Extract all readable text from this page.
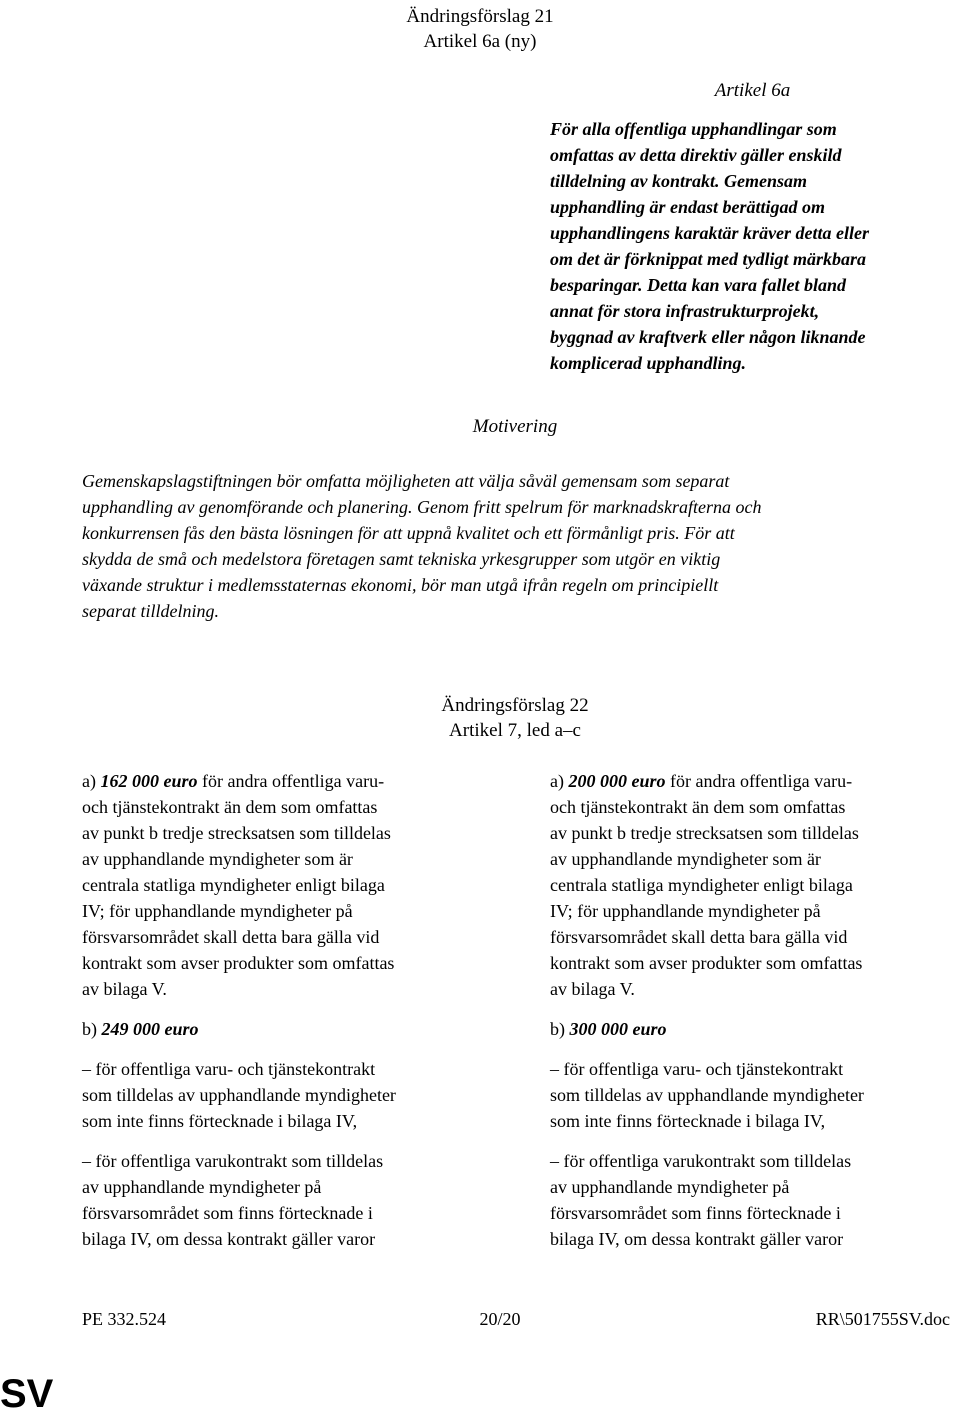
Ändringsförslag 21
Artikel 6a (ny)
Artikel 6a

För alla offentliga upphandlingar som

omfattas av detta direktiv gäller enskild

tilldelning av kontrakt. Gemensam

upphandling är endast berättigad om

upphandlingens karaktär kräver detta eller

om det är förknippat med tydligt märkbara

besparingar. Detta kan vara fallet bland

annat för stora infrastrukturprojekt,

byggnad av kraftverk eller någon liknande

komplicerad upphandling.

Motivering

Gemenskapslagstiftningen bör omfatta möjligheten att välja såväl gemensam som separat

upphandling av genomförande och planering. Genom fritt spelrum för marknadskrafterna och

konkurrensen fås den bästa lösningen för att uppnå kvalitet och ett förmånligt pris. För att

skydda de små och medelstora företagen samt tekniska yrkesgrupper som utgör en viktig

växande struktur i medlemsstaternas ekonomi, bör man utgå ifrån regeln om principiellt

separat tilldelning.

Ändringsförslag 22
Artikel 7, led a–c

a) 162 000 euro för andra offentliga varu-

och tjänstekontrakt än dem som omfattas

av punkt b tredje strecksatsen som tilldelas

av upphandlande myndigheter som är

centrala statliga myndigheter enligt bilaga

IV; för upphandlande myndigheter på

försvarsområdet skall detta bara gälla vid

kontrakt som avser produkter som omfattas

av bilaga V.

b) 249 000 euro

– för offentliga varu- och tjänstekontrakt

som tilldelas av upphandlande myndigheter

som inte finns förtecknade i bilaga IV,

– för offentliga varukontrakt som tilldelas

av upphandlande myndigheter på

försvarsområdet som finns förtecknade i

bilaga IV, om dessa kontrakt gäller varor

a) 200 000 euro för andra offentliga varu-

och tjänstekontrakt än dem som omfattas

av punkt b tredje strecksatsen som tilldelas

av upphandlande myndigheter som är

centrala statliga myndigheter enligt bilaga

IV; för upphandlande myndigheter på

försvarsområdet skall detta bara gälla vid

kontrakt som avser produkter som omfattas

av bilaga V.

b) 300 000 euro

– för offentliga varu- och tjänstekontrakt

som tilldelas av upphandlande myndigheter

som inte finns förtecknade i bilaga IV,

– för offentliga varukontrakt som tilldelas

av upphandlande myndigheter på

försvarsområdet som finns förtecknade i

bilaga IV, om dessa kontrakt gäller varor

PE 332.524	20/20	RR\501755SV.doc
SV
